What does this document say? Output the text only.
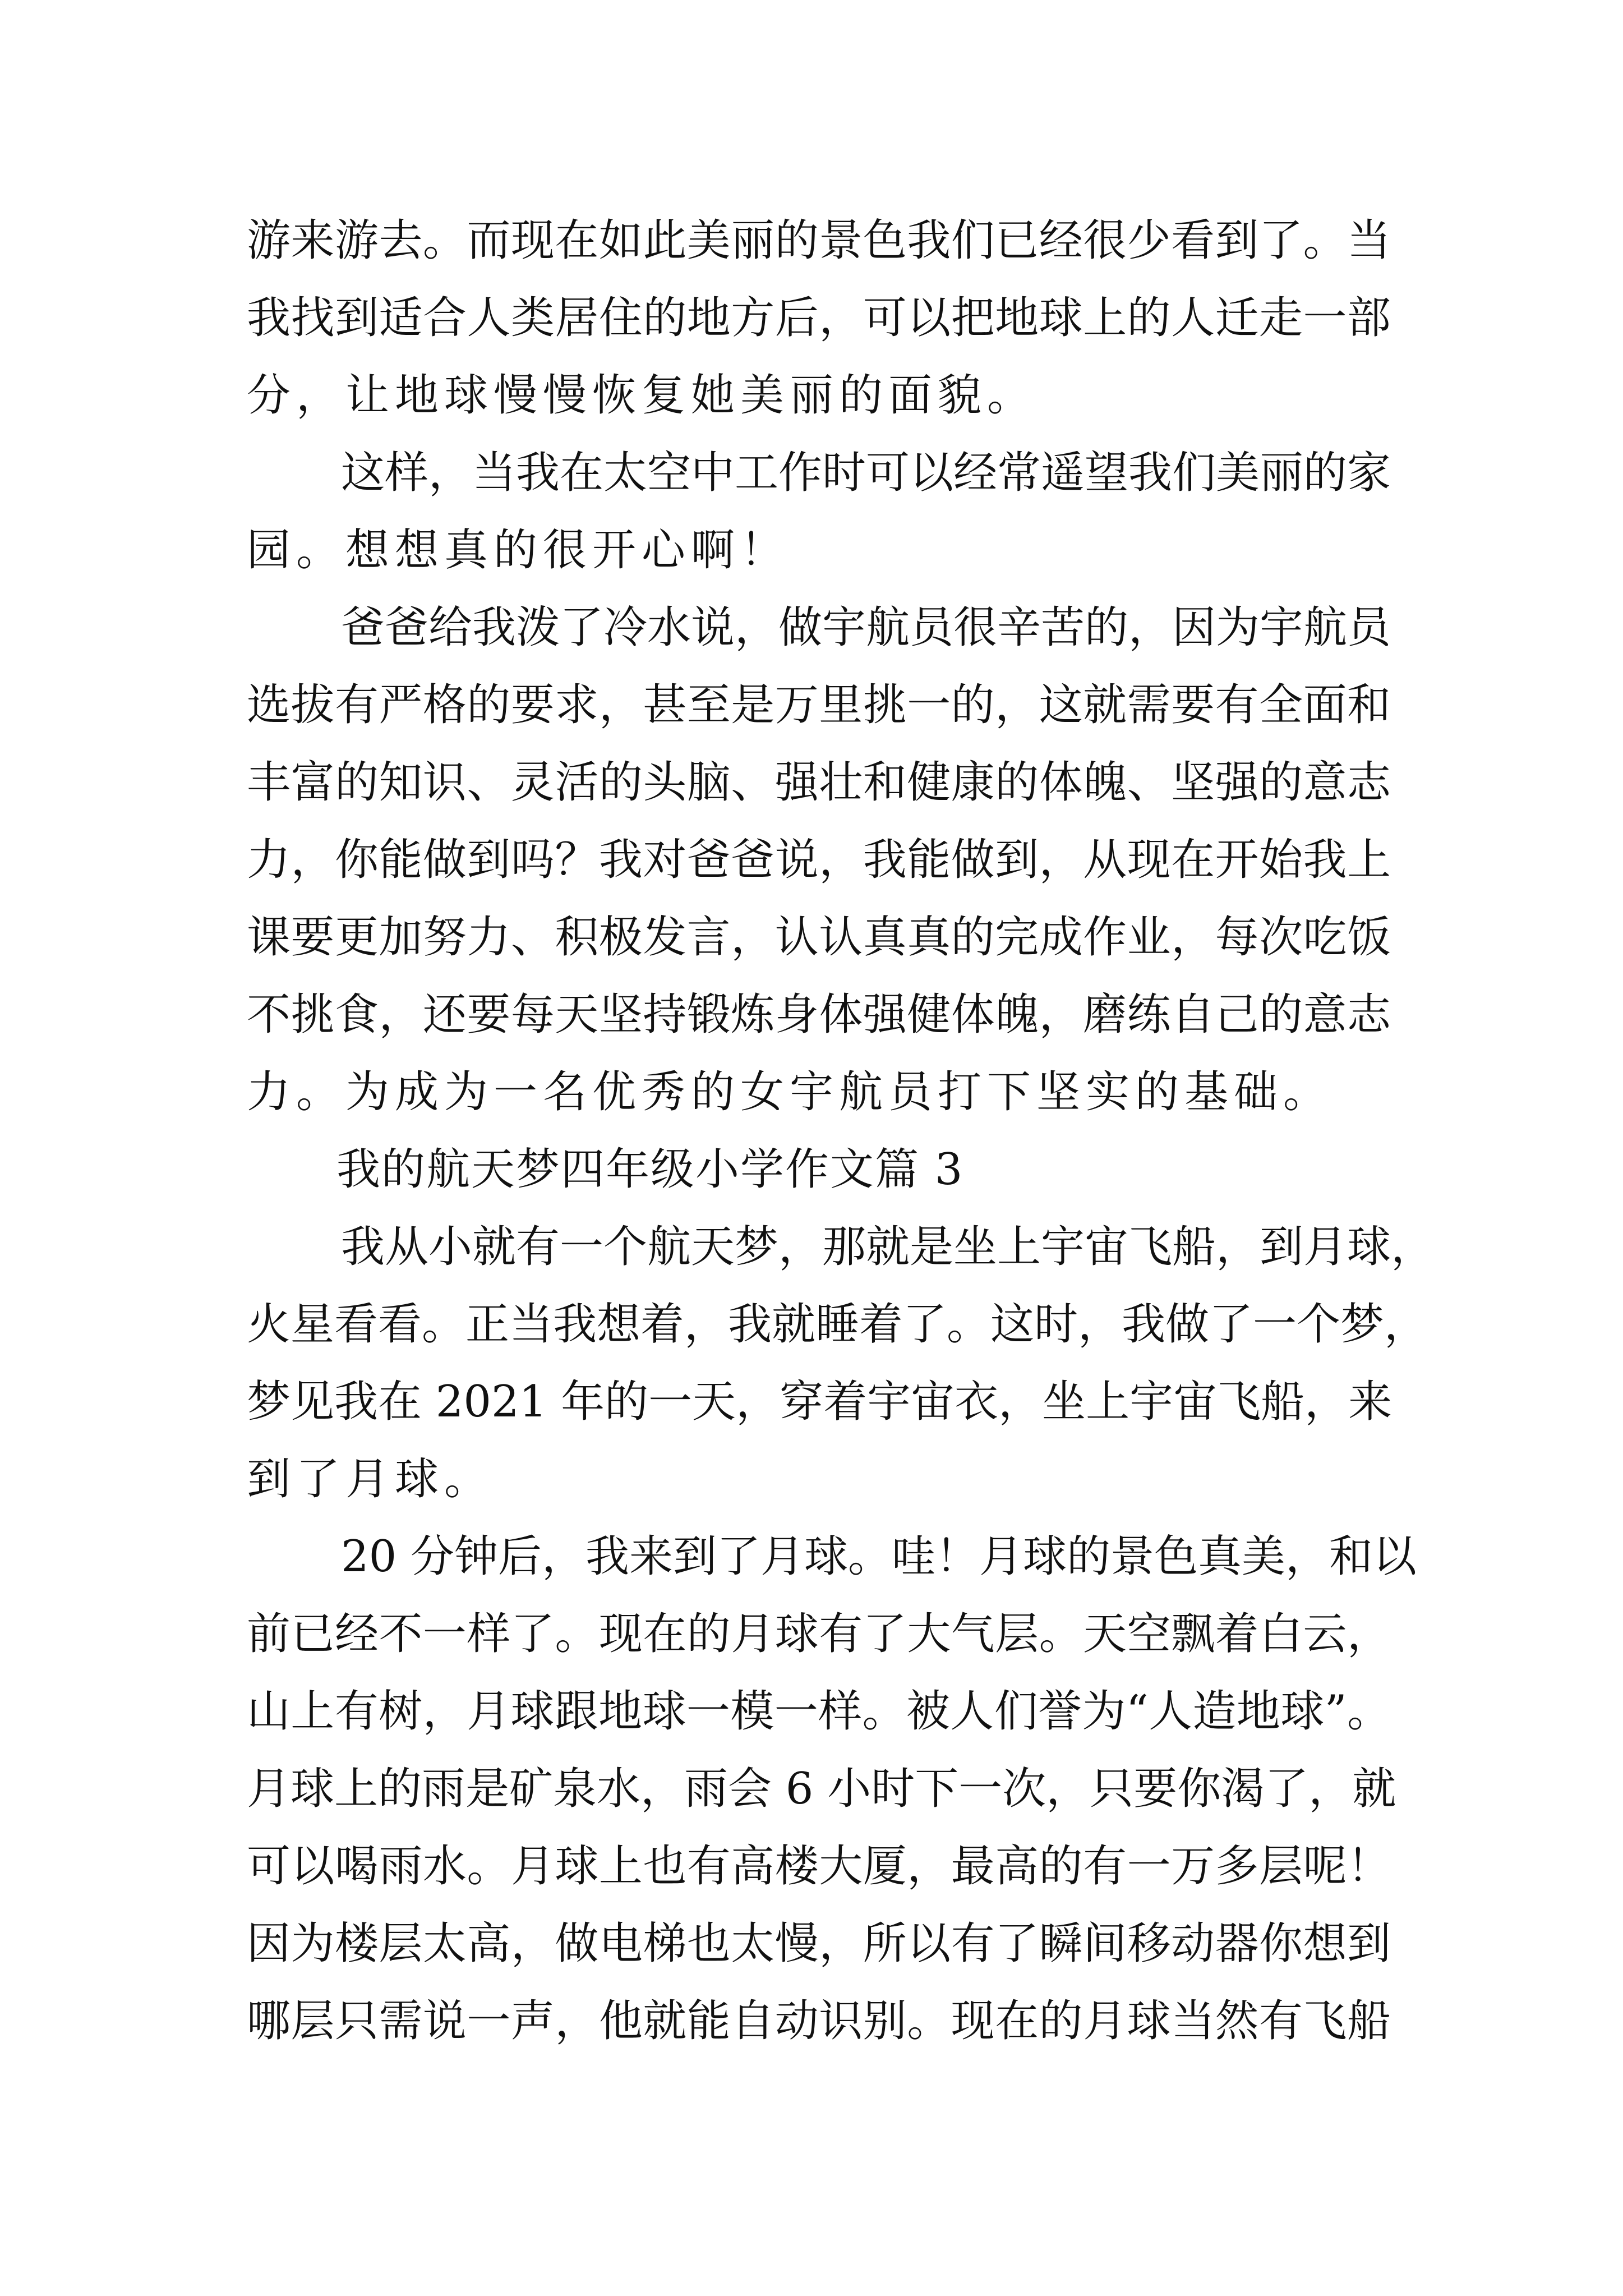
游来游去。而现在如此美丽的景色我们已经很少看到了。当
我找到适合人类居住的地方后，可以把地球上的人迁走一部
分，让地球慢慢恢复她美丽的面貌。
这样，当我在太空中工作时可以经常遥望我们美丽的家
园。想想真的很开心啊！
爸爸给我泼了冷水说，做宇航员很辛苦的，因为宇航员
选拔有严格的要求，甚至是万里挑一的，这就需要有全面和
丰富的知识、灵活的头脑、强壮和健康的体魄、坚强的意志
力，你能做到吗？我对爸爸说，我能做到，从现在开始我上
课要更加努力、积极发言，认认真真的完成作业，每次吃饭
不挑食，还要每天坚持锻炼身体强健体魄，磨练自己的意志
力。为成为一名优秀的女宇航员打下坚实的基础。
我的航天梦四年级小学作文篇 3
我从小就有一个航天梦，那就是坐上宇宙飞船，到月球，
火星看看。正当我想着，我就睡着了。这时，我做了一个梦，
梦见我在 2021 年的一天，穿着宇宙衣，坐上宇宙飞船，来
到了月球。
20 分钟后，我来到了月球。哇！月球的景色真美，和以
前已经不一样了。现在的月球有了大气层。天空飘着白云，
山上有树，月球跟地球一模一样。被人们誉为“人造地球”。
月球上的雨是矿泉水，雨会 6 小时下一次，只要你渴了，就
可以喝雨水。月球上也有高楼大厦，最高的有一万多层呢！
因为楼层太高，做电梯也太慢，所以有了瞬间移动器你想到
哪层只需说一声，他就能自动识别。现在的月球当然有飞船
